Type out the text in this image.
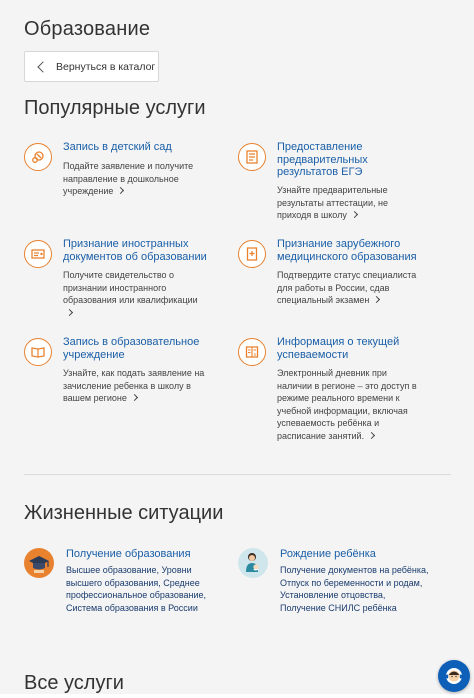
Образование
Вернуться в каталог
Популярные услуги
Запись в детский сад
Подайте заявление и получите
направление в дошкольное
учреждение
Предоставление
предварительных
результатов ЕГЭ
Узнайте предварительные
результаты аттестации, не
приходя в школу
Признание иностранных
документов об образовании
Получите свидетельство о
признании иностранного
образования или квалификации
Признание зарубежного
медицинского образования
Подтвердите статус специалиста
для работы в России, сдав
специальный экзамен
Запись в образовательное
учреждение
Узнайте, как подать заявление на
зачисление ребенка в школу в
вашем регионе
5
Информация о текущей
успеваемости
Электронный дневник при
наличии в регионе – это доступ в
режиме реального времени к
учебной информации, включая
успеваемость ребёнка и
расписание занятий.
Жизненные ситуации
Получение образования
Высшее образование, Уровни
высшего образования, Среднее
профессиональное образование,
Система образования в России
Рождение ребёнка
Получение документов на ребёнка,
Отпуск по беременности и родам,
Установление отцовства,
Получение СНИЛС ребёнка
Все услуги
